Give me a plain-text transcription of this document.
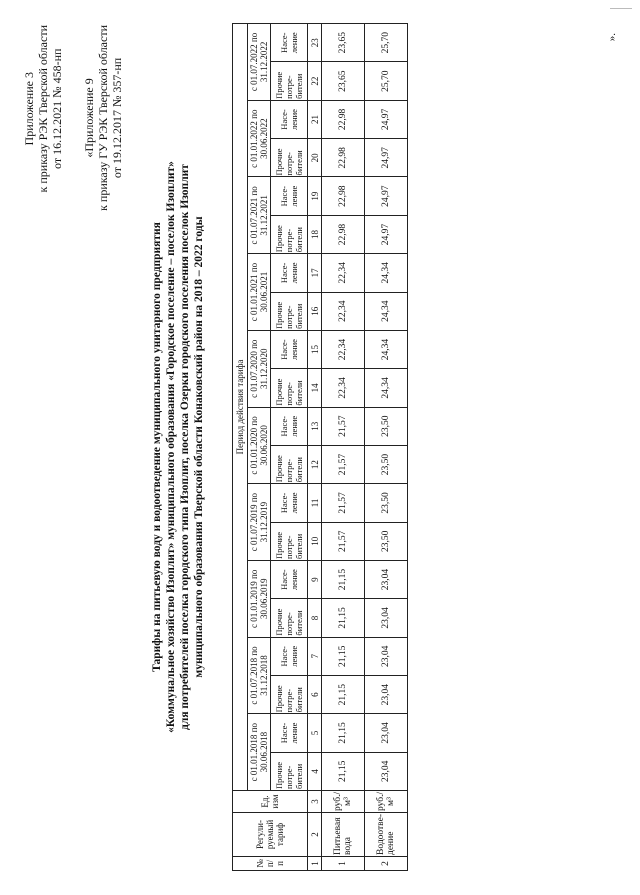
Приложение 3 к приказу РЭК Тверской области от 16.12.2021 № 458-нп «Приложение 9 к приказу ГУ РЭК Тверской области от 19.12.2017 № 357-нп
Тарифы на питьевую воду и водоотведение муниципального унитарного предприятия «Коммунальное хозяйство Изоплит» муниципального образования «Городское поселение – поселок Изоплит» для потребителей поселка городского типа Изоплит, поселка Озерки городского поселения поселок Изоплит муниципального образования Тверской области Конаковский район на 2018 – 2022 годы
№ п/п	Регули-руемый тариф	Ед. изм	Период действия тарифа																			
			с 01.01.2018 по 30.06.2018		с 01.07.2018 по 31.12.2018		с 01.01.2019 по 30.06.2019		с 01.07.2019 по 31.12.2019		с 01.01.2020 по 30.06.2020		с 01.07.2020 по 31.12.2020		с 01.01.2021 по 30.06.2021		с 01.07.2021 по 31.12.2021		с 01.01.2022 по 30.06.2022		с 01.07.2022 по 31.12.2022	
			Прочие потре-бители	Насе-ление	Прочие потре-бители	Насе-ление	Прочие потре-бители	Насе-ление	Прочие потре-бители	Насе-ление	Прочие потре-бители	Насе-ление	Прочие потре-бители	Насе-ление	Прочие потре-бители	Насе-ление	Прочие потре-бители	Насе-ление	Прочие потре-бители	Насе-ление	Прочие потре-бители	Насе-ление
1	2	3	4	5	6	7	8	9	10	11	12	13	14	15	16	17	18	19	20	21	22	23
1	Питьевая вода	руб./м³	21,15	21,15	21,15	21,15	21,15	21,15	21,57	21,57	21,57	21,57	22,34	22,34	22,34	22,34	22,98	22,98	22,98	22,98	23,65	23,65
2	Водоотве-дение	руб./м³	23,04	23,04	23,04	23,04	23,04	23,04	23,50	23,50	23,50	23,50	24,34	24,34	24,34	24,34	24,97	24,97	24,97	24,97	25,70	25,70	».
